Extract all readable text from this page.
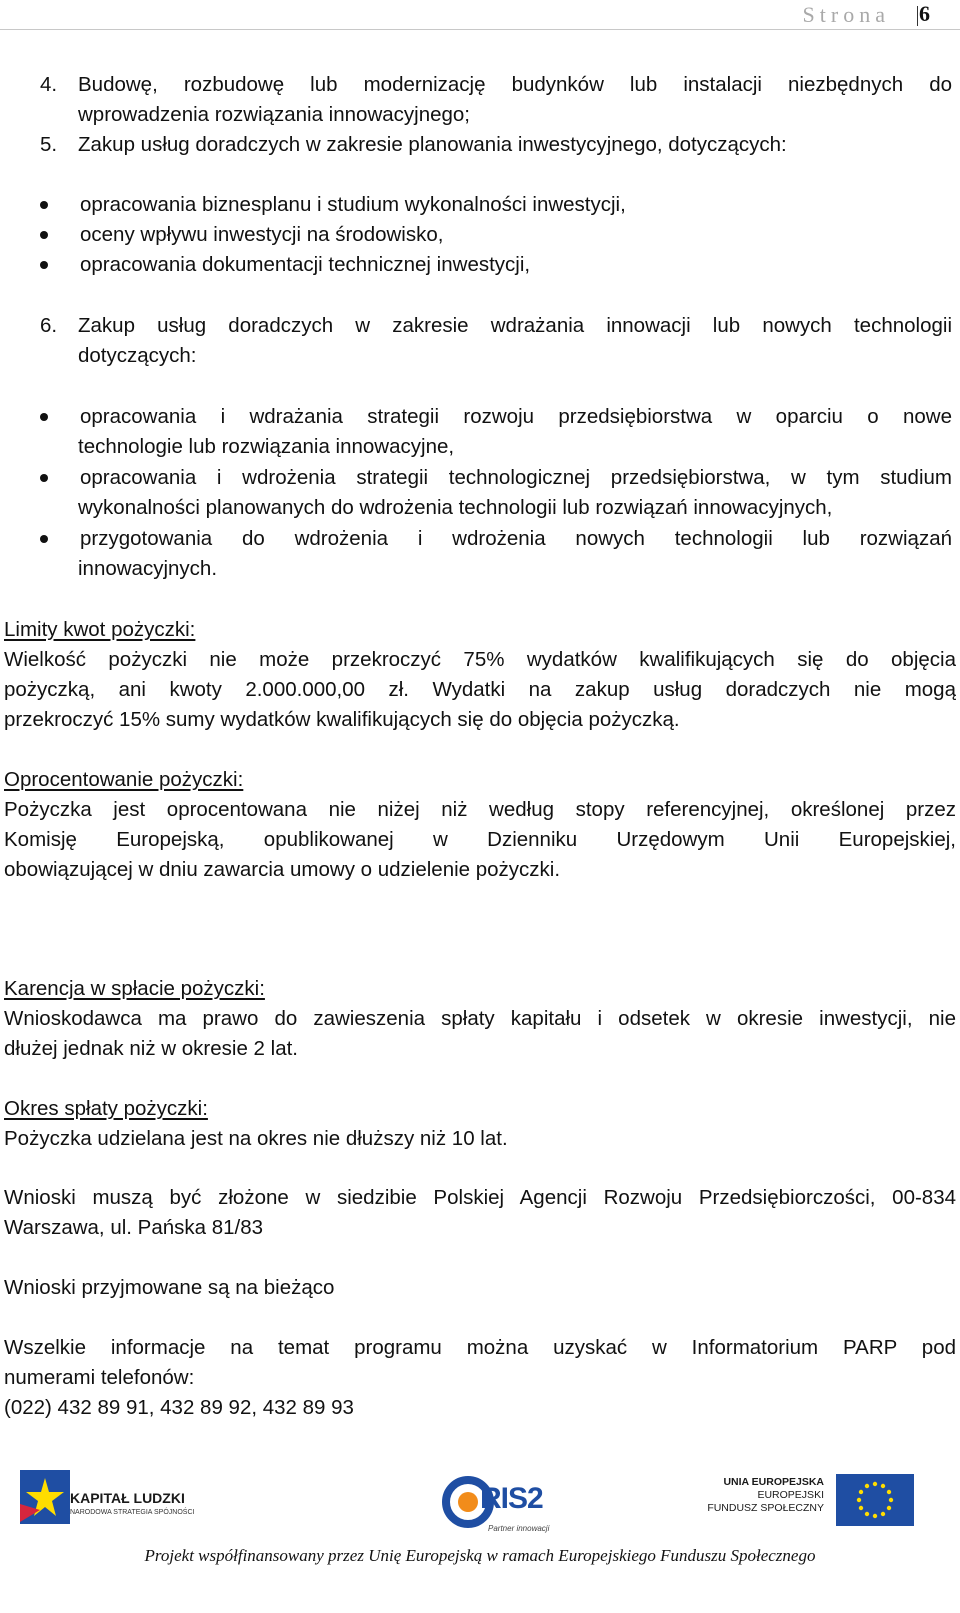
Strona 6
4. Budowę, rozbudowę lub modernizację budynków lub instalacji niezbędnych do
wprowadzenia rozwiązania innowacyjnego;
5. Zakup usług doradczych w zakresie planowania inwestycyjnego, dotyczących:
opracowania biznesplanu i studium wykonalności inwestycji,
oceny wpływu inwestycji na środowisko,
opracowania dokumentacji technicznej inwestycji,
6. Zakup usług doradczych w zakresie wdrażania innowacji lub nowych technologii
dotyczących:
opracowania i wdrażania strategii rozwoju przedsiębiorstwa w oparciu o nowe
technologie lub rozwiązania innowacyjne,
opracowania i wdrożenia strategii technologicznej przedsiębiorstwa, w tym studium
wykonalności planowanych do wdrożenia technologii lub rozwiązań innowacyjnych,
przygotowania do wdrożenia i wdrożenia nowych technologii lub rozwiązań
innowacyjnych.
Limity kwot pożyczki:
Wielkość pożyczki nie może przekroczyć 75% wydatków kwalifikujących się do objęcia
pożyczką, ani kwoty 2.000.000,00 zł. Wydatki na zakup usług doradczych nie mogą
przekroczyć 15% sumy wydatków kwalifikujących się do objęcia pożyczką.
Oprocentowanie pożyczki:
Pożyczka jest oprocentowana nie niżej niż według stopy referencyjnej, określonej przez
Komisję Europejską, opublikowanej w Dzienniku Urzędowym Unii Europejskiej,
obowiązującej w dniu zawarcia umowy o udzielenie pożyczki.
Karencja w spłacie pożyczki:
Wnioskodawca ma prawo do zawieszenia spłaty kapitału i odsetek w okresie inwestycji, nie
dłużej jednak niż w okresie 2 lat.
Okres spłaty pożyczki:
Pożyczka udzielana jest na okres nie dłuższy niż 10 lat.
Wnioski muszą być złożone w siedzibie Polskiej Agencji Rozwoju Przedsiębiorczości, 00-834
Warszawa, ul. Pańska 81/83
Wnioski przyjmowane są na bieżąco
Wszelkie informacje na temat programu można uzyskać w Informatorium PARP pod
numerami telefonów:
(022) 432 89 91, 432 89 92, 432 89 93
KAPITAŁ LUDZKI
NARODOWA STRATEGIA SPÓJNOŚCI	RIS2
Partner innowacji
UNIA EUROPEJSKA
EUROPEJSKI
FUNDUSZ SPOŁECZNY
Projekt współfinansowany przez Unię Europejską w ramach Europejskiego Funduszu Społecznego
